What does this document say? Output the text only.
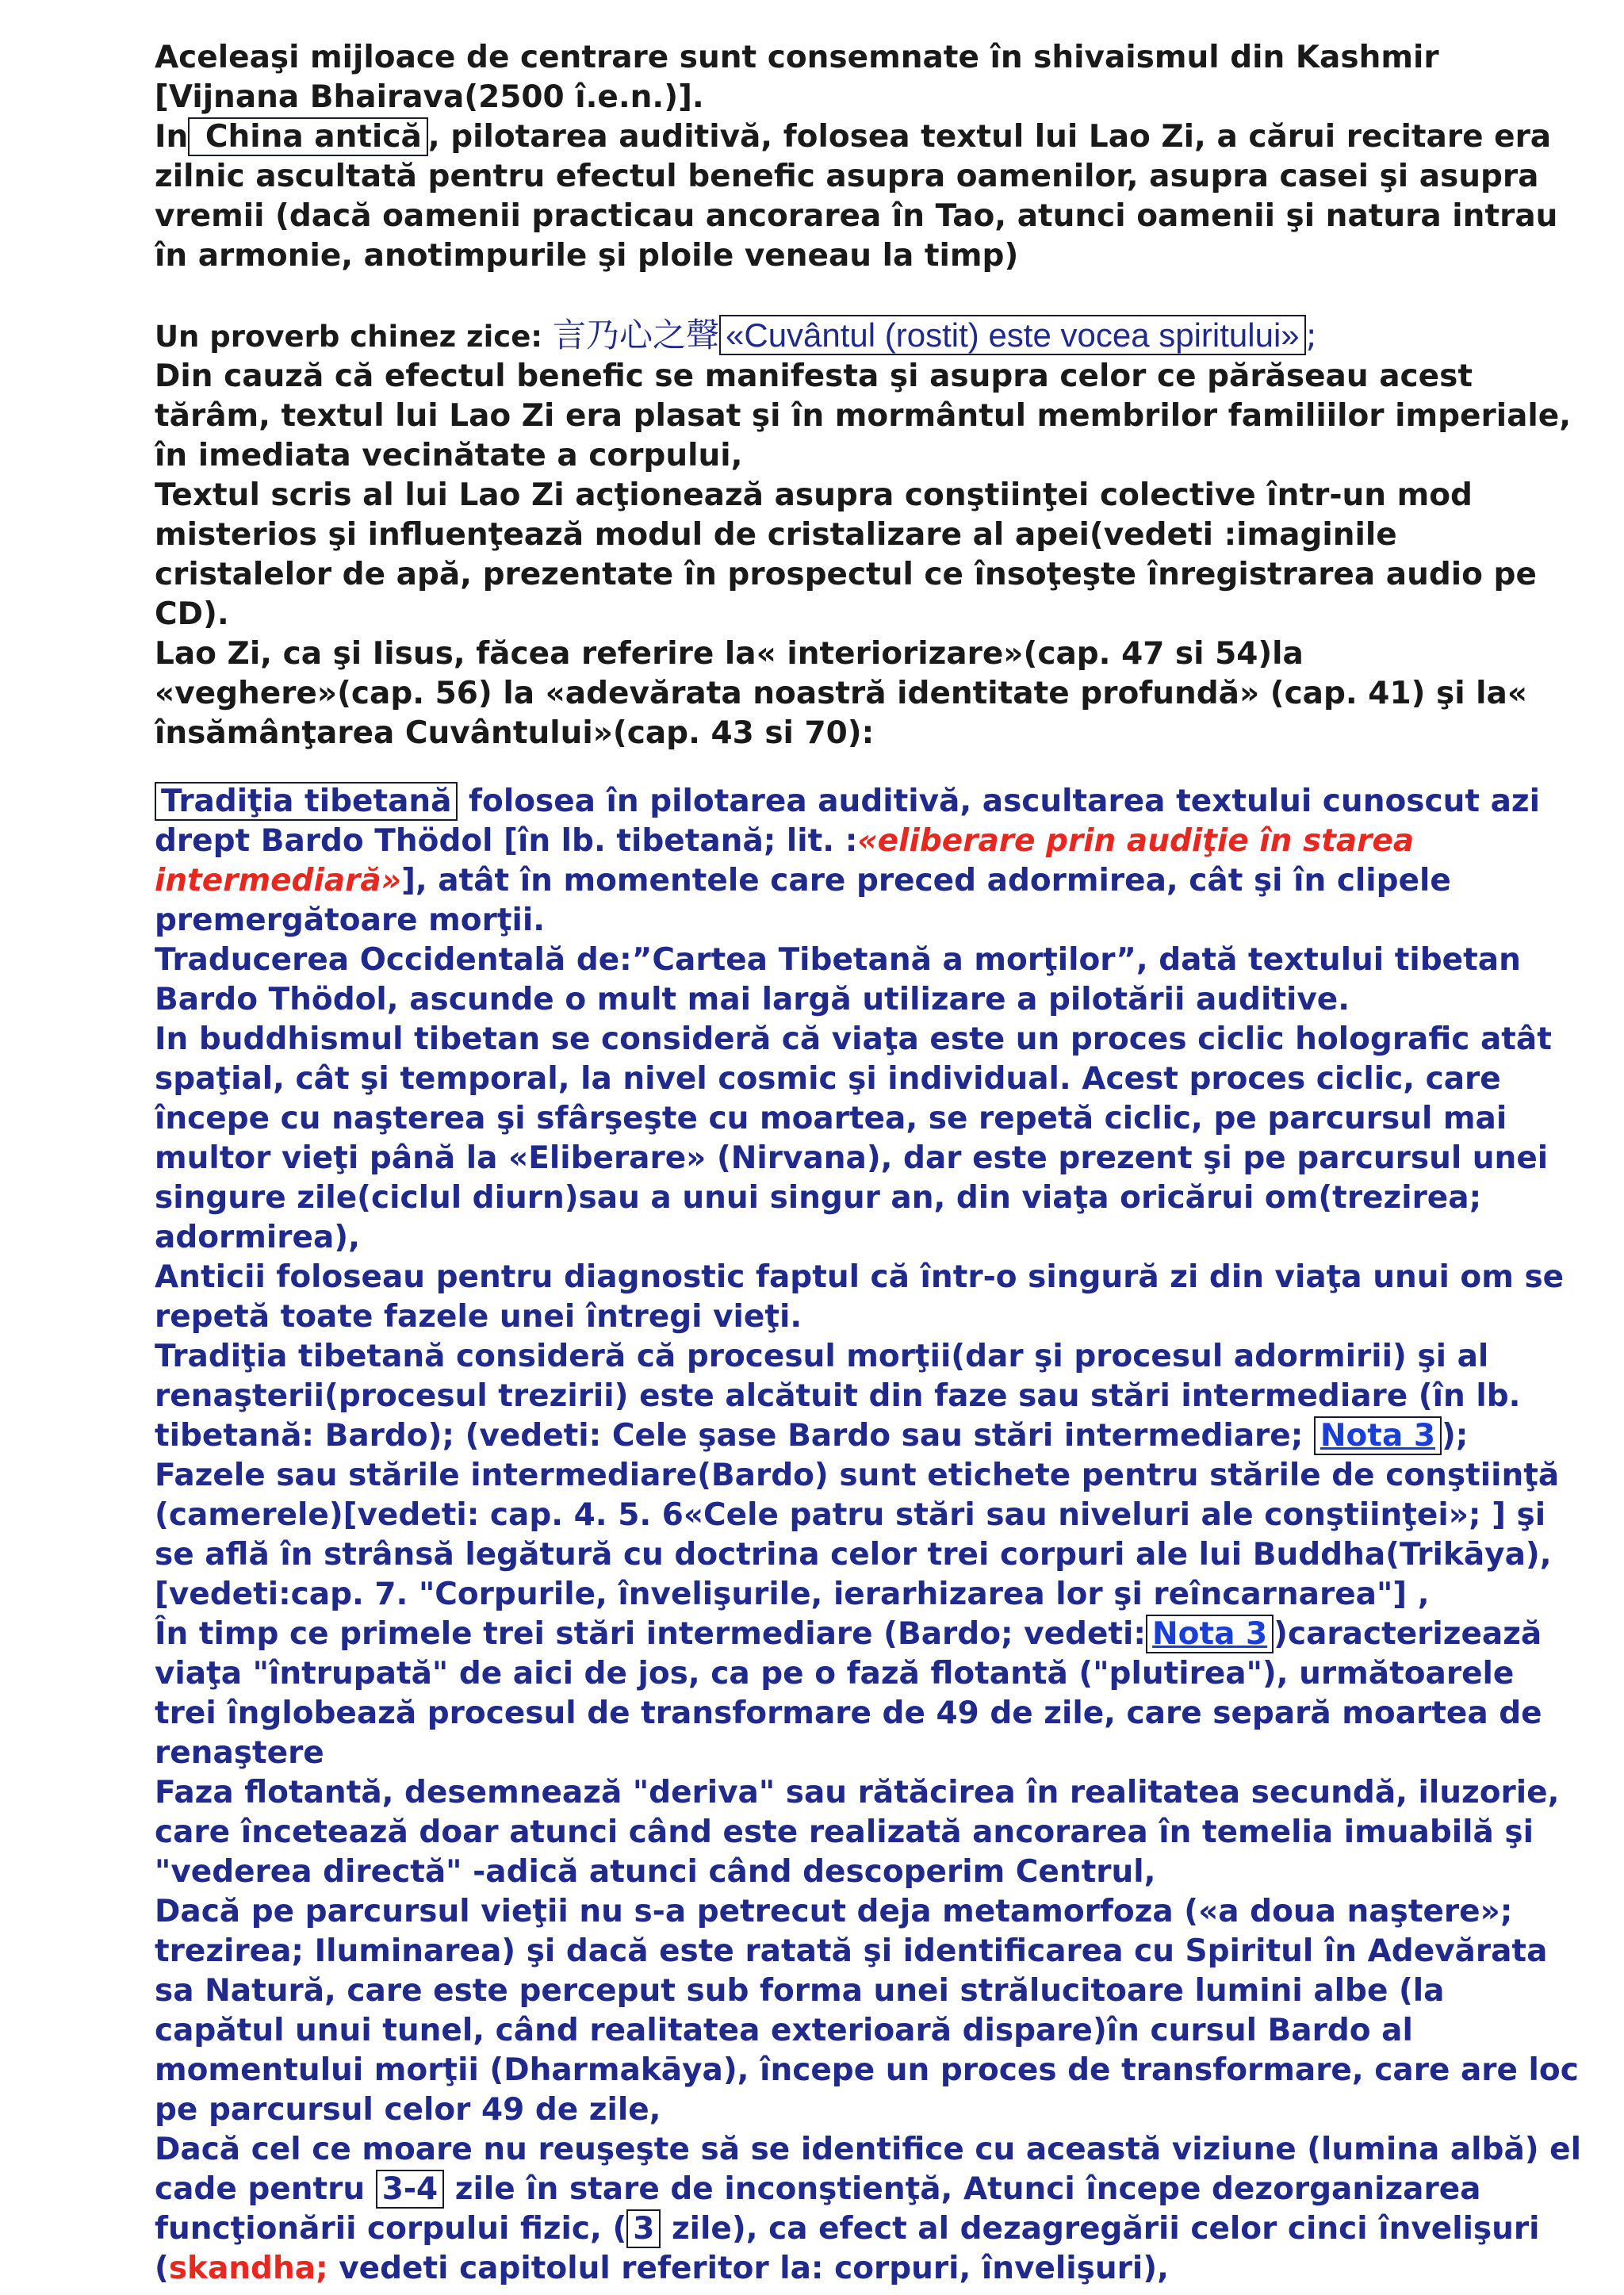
Aceleaşi mijloace de centrare sunt consemnate în shivaismul din Kashmir [Vijnana Bhairava(2500 î.e.n.)].

In China antică , pilotarea auditivă, folosea textul lui Lao Zi, a cărui recitare era zilnic ascultată pentru efectul benefic asupra oamenilor, asupra casei şi asupra vremii (dacă oamenii practicau ancorarea în Tao, atunci oamenii şi natura intrau în armonie, anotimpurile şi ploile veneau la timp)

Un proverb chinez zice: 言乃心之聲 «Cuvântul (rostit) este vocea spiritului» ;

Din cauză că efectul benefic se manifesta şi asupra celor ce părăseau acest tărâm, textul lui Lao Zi era plasat şi în mormântul membrilor familiilor imperiale, în imediata vecinătate a corpului,

Textul scris al lui Lao Zi acţionează asupra conştiinţei colective într-un mod misterios şi influenţează modul de cristalizare al apei(vedeti :imaginile cristalelor de apă, prezentate în prospectul ce însoţeşte înregistrarea audio pe CD).

Lao Zi, ca şi Iisus, făcea referire la« interiorizare»(cap. 47 si 54)la «veghere»(cap. 56) la «adevărata noastră identitate profundă» (cap. 41) şi la« însămânţarea Cuvântului»(cap. 43 si 70):

Tradiţia tibetană folosea în pilotarea auditivă, ascultarea textului cunoscut azi drept Bardo Thödol [în lb. tibetană; lit. :«eliberare prin audiţie în starea intermediară»], atât în momentele care preced adormirea, cât şi în clipele premergătoare morţii.

Traducerea Occidentală de:”Cartea Tibetană a morţilor”, dată textului tibetan Bardo Thödol, ascunde o mult mai largă utilizare a pilotării auditive.

In buddhismul tibetan se consideră că viaţa este un proces ciclic holografic atât spaţial, cât şi temporal, la nivel cosmic şi individual. Acest proces ciclic, care începe cu naşterea şi sfârşeşte cu moartea, se repetă ciclic, pe parcursul mai multor vieţi până la «Eliberare» (Nirvana), dar este prezent şi pe parcursul unei singure zile(ciclul diurn)sau a unui singur an, din viaţa oricărui om(trezirea; adormirea),

Anticii foloseau pentru diagnostic faptul că într-o singură zi din viaţa unui om se repetă toate fazele unei întregi vieţi.

Tradiţia tibetană consideră că procesul morţii(dar şi procesul adormirii) şi al renaşterii(procesul trezirii) este alcătuit din faze sau stări intermediare (în lb. tibetană: Bardo); (vedeti: Cele şase Bardo sau stări intermediare; Nota 3 );

Fazele sau stările intermediare(Bardo) sunt etichete pentru stările de conştiinţă (camerele)[vedeti: cap. 4. 5. 6«Cele patru stări sau niveluri ale conştiinţei»; ] şi se află în strânsă legătură cu doctrina celor trei corpuri ale lui Buddha(Trikāya), [vedeti:cap. 7. "Corpurile, învelişurile, ierarhizarea lor şi reîncarnarea"] ,

În timp ce primele trei stări intermediare (Bardo; vedeti: Nota 3 )caracterizează viaţa "întrupată" de aici de jos, ca pe o fază flotantă ("plutirea"), următoarele trei înglobează procesul de transformare de 49 de zile, care separă moartea de renaştere

Faza flotantă, desemnează "deriva" sau rătăcirea în realitatea secundă, iluzorie, care încetează doar atunci când este realizată ancorarea în temelia imuabilă şi "vederea directă" -adică atunci când descoperim Centrul,

Dacă pe parcursul vieţii nu s-a petrecut deja metamorfoza («a doua naştere»; trezirea; Iluminarea) şi dacă este ratată şi identificarea cu Spiritul în Adevărata sa Natură, care este perceput sub forma unei strălucitoare lumini albe (la capătul unui tunel, când realitatea exterioară dispare)în cursul Bardo al momentului morţii (Dharmakāya), începe un proces de transformare, care are loc pe parcursul celor 49 de zile,

Dacă cel ce moare nu reuşeşte să se identifice cu această viziune (lumina albă) el cade pentru 3-4 zile în stare de inconştienţă, Atunci începe dezorganizarea funcţionării corpului fizic, ( 3 zile), ca efect al dezagregării celor cinci învelişuri (skandha; vedeti capitolul referitor la: corpuri, învelişuri),
